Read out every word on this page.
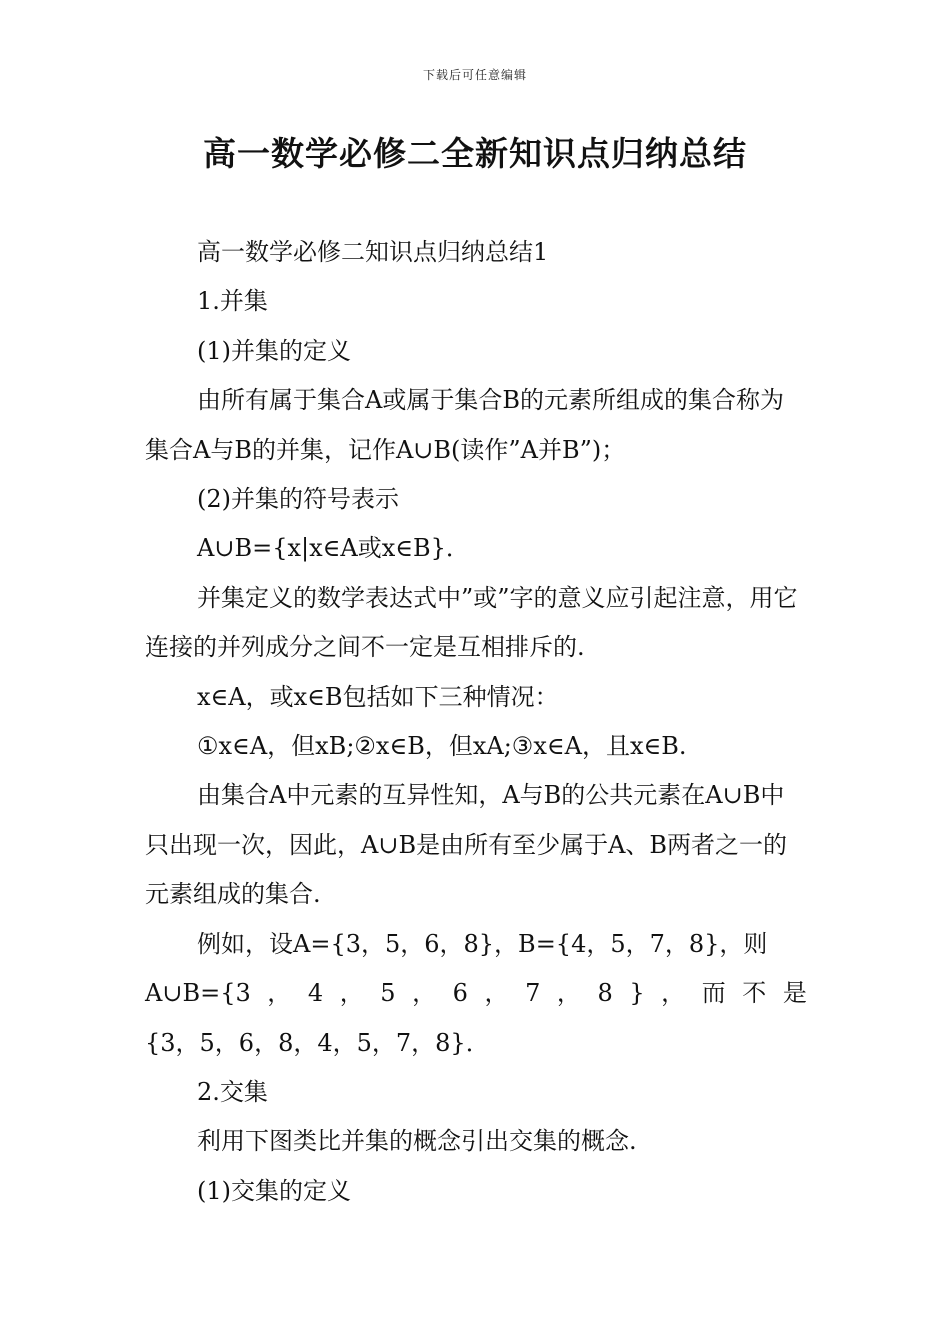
下载后可任意编辑
高一数学必修二全新知识点归纳总结

高一数学必修二知识点归纳总结1

1.并集

(1)并集的定义

由所有属于集合A或属于集合B的元素所组成的集合称为集合A与B的并集，记作A∪B(读作”A并B”)；

(2)并集的符号表示

A∪B={x|x∈A或x∈B}．

并集定义的数学表达式中”或”字的意义应引起注意，用它连接的并列成分之间不一定是互相排斥的.

x∈A，或x∈B包括如下三种情况：

①x∈A，但xB;②x∈B，但xA;③x∈A，且x∈B.

由集合A中元素的互异性知，A与B的公共元素在A∪B中只出现一次，因此，A∪B是由所有至少属于A、B两者之一的元素组成的集合.

例如，设A={3，5，6，8}，B={4，5，7，8}，则

A∪B={3 ， 4 ， 5 ， 6 ， 7 ， 8 } ， 而 不 是

{3，5，6，8，4，5，7，8}．

2.交集

利用下图类比并集的概念引出交集的概念.

(1)交集的定义
